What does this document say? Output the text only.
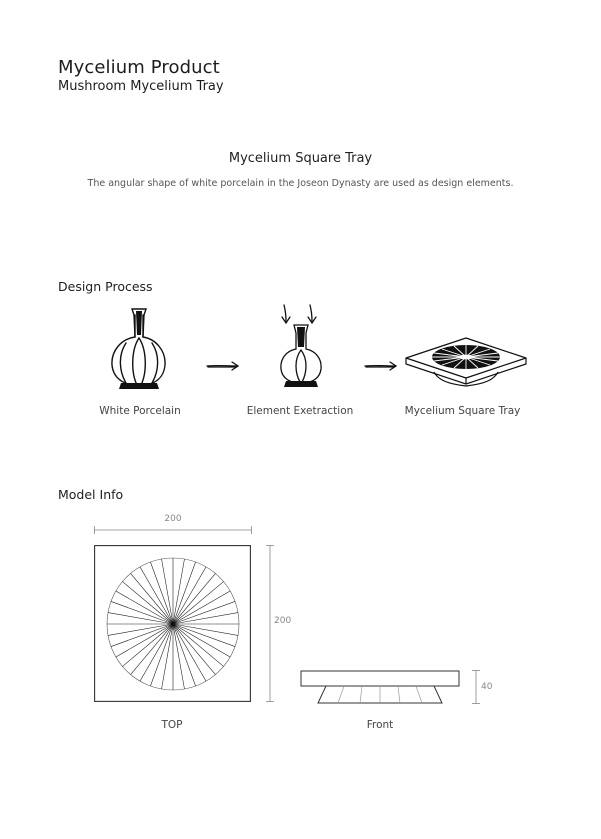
Mycelium Product
Mushroom Mycelium Tray
Mycelium Square Tray
The angular shape of white porcelain in the Joseon Dynasty are used as design elements.
Design Process
White Porcelain	Element Exetraction	Mycelium Square Tray
Model Info
200
200
40
TOP	Front
